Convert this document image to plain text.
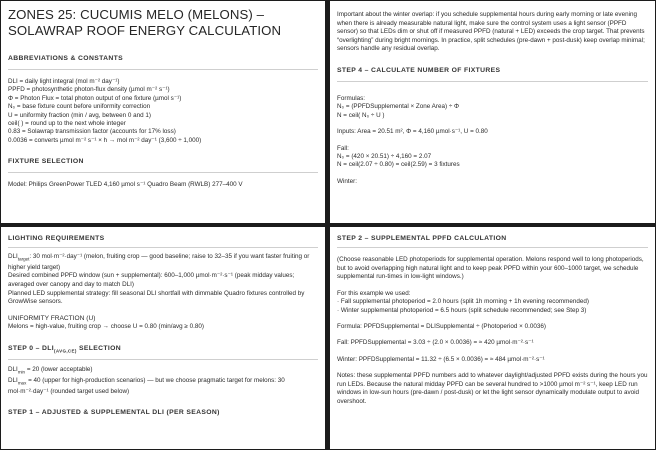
ZONES 25: CUCUMIS MELO (MELONS) –
SOLAWRAP ROOF ENERGY CALCULATION
ABBREVIATIONS & CONSTANTS
DLI = daily light integral (mol m⁻² day⁻¹)
PPFD = photosynthetic photon-flux density (µmol m⁻² s⁻¹)
Φ = Photon Flux = total photon output of one fixture (µmol s⁻¹)
N₀ = base fixture count before uniformity correction
U = uniformity fraction (min / avg, between 0 and 1)
ceil( ) = round up to the next whole integer
0.83 = Solawrap transmission factor (accounts for 17% loss)
0.0036 = converts µmol m⁻² s⁻¹ × h → mol m⁻² day⁻¹ (3,600 ÷ 1,000)
FIXTURE SELECTION
Model: Philips GreenPower TLED 4,160 µmol s⁻¹ Quadro Beam (RWLB) 277–400 V
Important about the winter overlap: if you schedule supplemental hours during early morning or late evening when there is already measurable natural light, make sure the control system uses a light sensor (PPFD sensor) so that LEDs dim or shut off if measured PPFD (natural + LED) exceeds the crop target. That prevents “overlighting” during bright mornings. In practice, split schedules (pre-dawn + post-dusk) keep overlap minimal; sensors handle any residual overlap.
STEP 4 – CALCULATE NUMBER OF FIXTURES
Formulas:
N₀ = (PPFDSupplemental × Zone Area) ÷ Φ
N = ceil( N₀ ÷ U )
Inputs: Area = 20.51 m², Φ = 4,160 µmol·s⁻¹, U = 0.80
Fall:
N₀ = (420 × 20.51) ÷ 4,160 = 2.07
N = ceil(2.07 ÷ 0.80) = ceil(2.59) = 3 fixtures
Winter:
LIGHTING REQUIREMENTS
$DLI_{target}$: 30 mol·m⁻²·day⁻¹ (melon, fruiting crop — good baseline; raise to 32–35 if you want faster fruiting or higher yield target)
Desired combined PPFD window (sun + supplemental): 600–1,000 µmol·m⁻²·s⁻¹ (peak midday values; averaged over canopy and day to match DLI)
Planned LED supplemental strategy: fill seasonal DLI shortfall with dimmable Quadro fixtures controlled by GrowWise sensors.
UNIFORMITY FRACTION (U)
Melons = high-value, fruiting crop → choose U = 0.80 (min/avg ≥ 0.80)
STEP $0 - DLI_{(AVG,CE)}$ SELECTION
$DLI_{min} = 20$ (lower acceptable)
$DLI_{max} = 40$ (upper for high-production scenarios) — but we choose pragmatic target for melons: 30 mol·m⁻²·day⁻¹ (rounded target used below)
STEP 1 – ADJUSTED & SUPPLEMENTAL DLI (PER SEASON)
STEP 2 – SUPPLEMENTAL PPFD CALCULATION
(Choose reasonable LED photoperiods for supplemental operation. Melons respond well to long photoperiods, but to avoid overlapping high natural light and to keep peak PPFD within your 600–1000 target, we schedule supplemental run-times in low-light windows.)
For this example we used:
· Fall supplemental photoperiod = 2.0 hours (split 1h morning + 1h evening recommended)
· Winter supplemental photoperiod = 6.5 hours (split schedule recommended; see Step 3)
Formula: PPFDSupplemental = DLISupplemental ÷ (Photoperiod × 0.0036)
Fall: PPFDSupplemental = 3.03 ÷ (2.0 × 0.0036) = ≈ 420 µmol·m⁻²·s⁻¹
Winter: PPFDSupplemental = 11.32 ÷ (6.5 × 0.0036) = ≈ 484 µmol·m⁻²·s⁻¹
Notes: these supplemental PPFD numbers add to whatever daylight/adjusted PPFD exists during the hours you run LEDs. Because the natural midday PPFD can be several hundred to >1000 µmol m⁻² s⁻¹, keep LED run windows in low-sun hours (pre-dawn / post-dusk) or let the light sensor dynamically modulate output to avoid overshoot.
